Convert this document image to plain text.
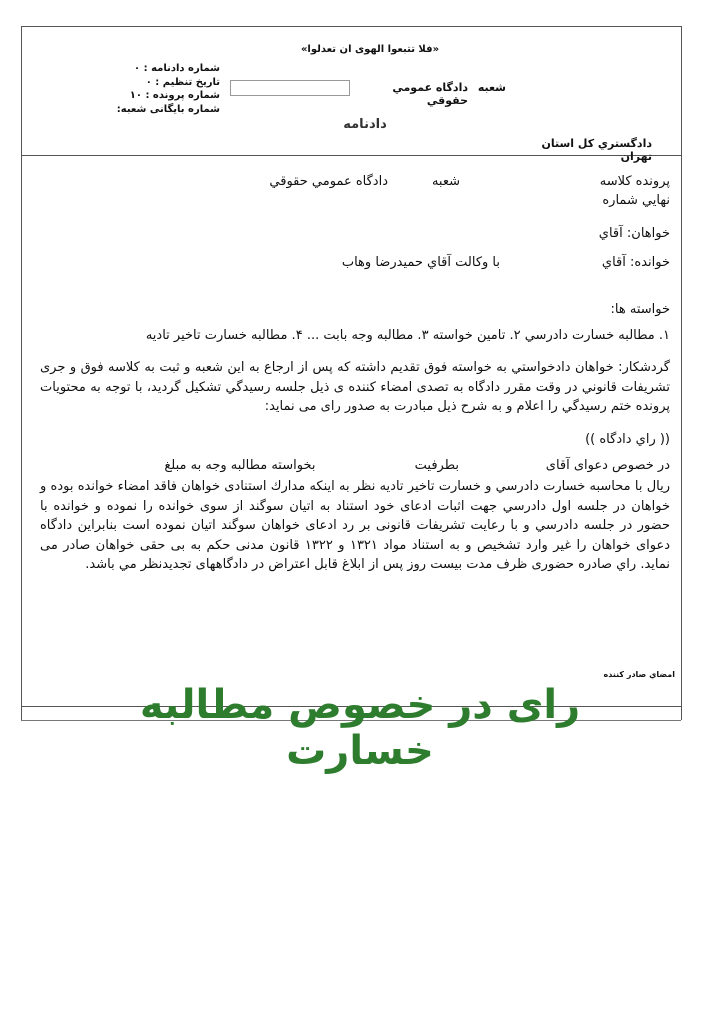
«فلا تتبعوا الهوی ان تعدلوا»
شماره دادنامه : ۰
تاریخ تنظیم : ۰
شماره پرونده : ۱۰
شماره بایگانی شعبه:
دادگاه عمومي حقوقي
شعبه
دادنامه
دادگستري كل استان تهران
پرونده كلاسه
نهايي شماره
شعبه
دادگاه عمومي حقوقي
خواهان: آقاي
خوانده: آقاي
با وكالت آقاي حميدرضا وهاب
خواسته ها:
۱. مطالبه خسارت دادرسي ۲. تامين خواسته ۳. مطالبه وجه بابت ... ۴. مطالبه خسارت تاخير تاديه
گردشكار: خواهان دادخواستي به خواسته فوق تقديم داشته كه پس از ارجاع به اين شعبه و ثبت به كلاسه فوق و جرى تشريفات قانوني در وقت مقرر دادگاه به تصدى امضاء كننده ى ذيل جلسه رسيدگي تشكيل گرديد، با توجه به محتويات پرونده ختم رسيدگي را اعلام و به شرح ذيل مبادرت به صدور راى مى نمايد:
(( راي دادگاه ))
در خصوص دعواى آقاى                     بطرفيت                        بخواسته مطالبه وجه به مبلغ
ريال با محاسبه خسارت دادرسي و خسارت تاخير تاديه نظر به اينكه مدارك استنادى خواهان فاقد امضاء خوانده بوده و خواهان در جلسه اول دادرسي جهت اثبات ادعاى خود استناد به اتيان سوگند از سوى خوانده را نموده و خوانده با حضور در جلسه دادرسي و با رعايت تشريفات قانونى بر رد ادعاى خواهان سوگند اتيان نموده است بنابراين دادگاه دعواى خواهان را غير وارد تشخيص و به استناد مواد ۱۳۲۱ و ۱۳۲۲ قانون مدنى حكم به بى حقى خواهان صادر مى نمايد. راي صادره حضورى ظرف مدت بيست روز پس از ابلاغ قابل اعتراض در دادگاههاى تجديدنظر مي باشد.
امضاي صادر كننده
راى در خصوص مطالبه خسارت
